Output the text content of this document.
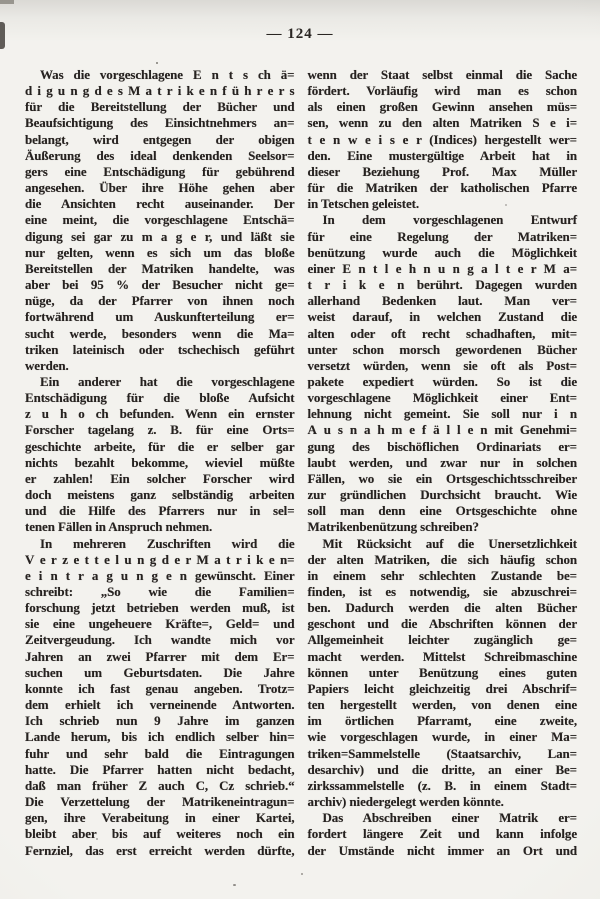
— 124 —
Was die vorgeschlagene E n t s ch ä=
d i g u n g d e s M a t r i k e n f ü h r e r s
für die Bereitstellung der Bücher und
Beaufsichtigung des Einsichtnehmers an=
belangt, wird entgegen der obigen
Äußerung des ideal denkenden Seelsor=
gers eine Entschädigung für gebührend
angesehen. Über ihre Höhe gehen aber
die Ansichten recht auseinander. Der
eine meint, die vorgeschlagene Entschä=
digung sei gar zu m a g e r, und läßt sie
nur gelten, wenn es sich um das bloße
Bereitstellen der Matriken handelte, was
aber bei 95 % der Besucher nicht ge=
nüge, da der Pfarrer von ihnen noch
fortwährend um Auskunfterteilung er=
sucht werde, besonders wenn die Ma=
triken lateinisch oder tschechisch geführt
werden.
Ein anderer hat die vorgeschlagene
Entschädigung für die bloße Aufsicht
z u h o ch befunden. Wenn ein ernster
Forscher tagelang z. B. für eine Orts=
geschichte arbeite, für die er selber gar
nichts bezahlt bekomme, wieviel müßte
er zahlen! Ein solcher Forscher wird
doch meistens ganz selbständig arbeiten
und die Hilfe des Pfarrers nur in sel=
tenen Fällen in Anspruch nehmen.
In mehreren Zuschriften wird die
V e r z e t t e l u n g d e r M a t r i k e n=
e i n t r a g u n g e n gewünscht. Einer
schreibt: „So wie die Familien=
forschung jetzt betrieben werden muß, ist
sie eine ungeheuere Kräfte=, Geld= und
Zeitvergeudung. Ich wandte mich vor
Jahren an zwei Pfarrer mit dem Er=
suchen um Geburtsdaten. Die Jahre
konnte ich fast genau angeben. Trotz=
dem erhielt ich verneinende Antworten.
Ich schrieb nun 9 Jahre im ganzen
Lande herum, bis ich endlich selber hin=
fuhr und sehr bald die Eintragungen
hatte. Die Pfarrer hatten nicht bedacht,
daß man früher Z auch C, Cz schrieb.“
Die Verzettelung der Matrikeneintragun=
gen, ihre Verabeitung in einer Kartei,
bleibt aber bis auf weiteres noch ein
Fernziel, das erst erreicht werden dürfte,
wenn der Staat selbst einmal die Sache
fördert. Vorläufig wird man es schon
als einen großen Gewinn ansehen müs=
sen, wenn zu den alten Matriken S e i=
t e n w e i s e r (Indices) hergestellt wer=
den. Eine mustergültige Arbeit hat in
dieser Beziehung Prof. Max Müller
für die Matriken der katholischen Pfarre
in Tetschen geleistet.
In dem vorgeschlagenen Entwurf
für eine Regelung der Matriken=
benützung wurde auch die Möglichkeit
einer E n t l e h n u n g a l t e r M a=
t r i k e n berührt. Dagegen wurden
allerhand Bedenken laut. Man ver=
weist darauf, in welchen Zustand die
alten oder oft recht schadhaften, mit=
unter schon morsch gewordenen Bücher
versetzt würden, wenn sie oft als Post=
pakete expediert würden. So ist die
vorgeschlagene Möglichkeit einer Ent=
lehnung nicht gemeint. Sie soll nur i n
A u s n a h m e f ä l l e n mit Genehmi=
gung des bischöflichen Ordinariats er=
laubt werden, und zwar nur in solchen
Fällen, wo sie ein Ortsgeschichtsschreiber
zur gründlichen Durchsicht braucht. Wie
soll man denn eine Ortsgeschichte ohne
Matrikenbenützung schreiben?
Mit Rücksicht auf die Unersetzlichkeit
der alten Matriken, die sich häufig schon
in einem sehr schlechten Zustande be=
finden, ist es notwendig, sie abzuschrei=
ben. Dadurch werden die alten Bücher
geschont und die Abschriften können der
Allgemeinheit leichter zugänglich ge=
macht werden. Mittelst Schreibmaschine
können unter Benützung eines guten
Papiers leicht gleichzeitig drei Abschrif=
ten hergestellt werden, von denen eine
im örtlichen Pfarramt, eine zweite,
wie vorgeschlagen wurde, in einer Ma=
triken=Sammelstelle (Staatsarchiv, Lan=
desarchiv) und die dritte, an einer Be=
zirkssammelstelle (z. B. in einem Stadt=
archiv) niedergelegt werden könnte.
Das Abschreiben einer Matrik er=
fordert längere Zeit und kann infolge
der Umstände nicht immer an Ort und
